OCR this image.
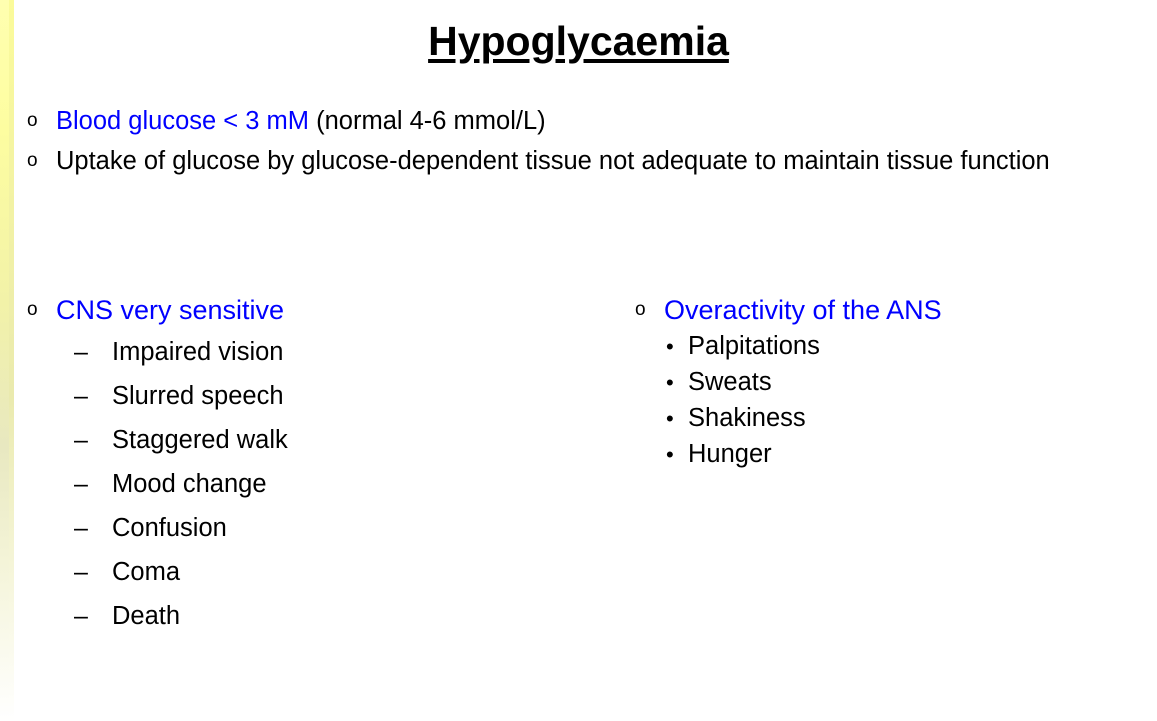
Hypoglycaemia
o Blood glucose < 3 mM (normal 4-6 mmol/L)
o Uptake of glucose by glucose-dependent tissue not adequate to maintain tissue function
o CNS very sensitive
– Impaired vision
– Slurred speech
– Staggered walk
– Mood change
– Confusion
– Coma
– Death
o Overactivity of the ANS
• Palpitations
• Sweats
• Shakiness
• Hunger
